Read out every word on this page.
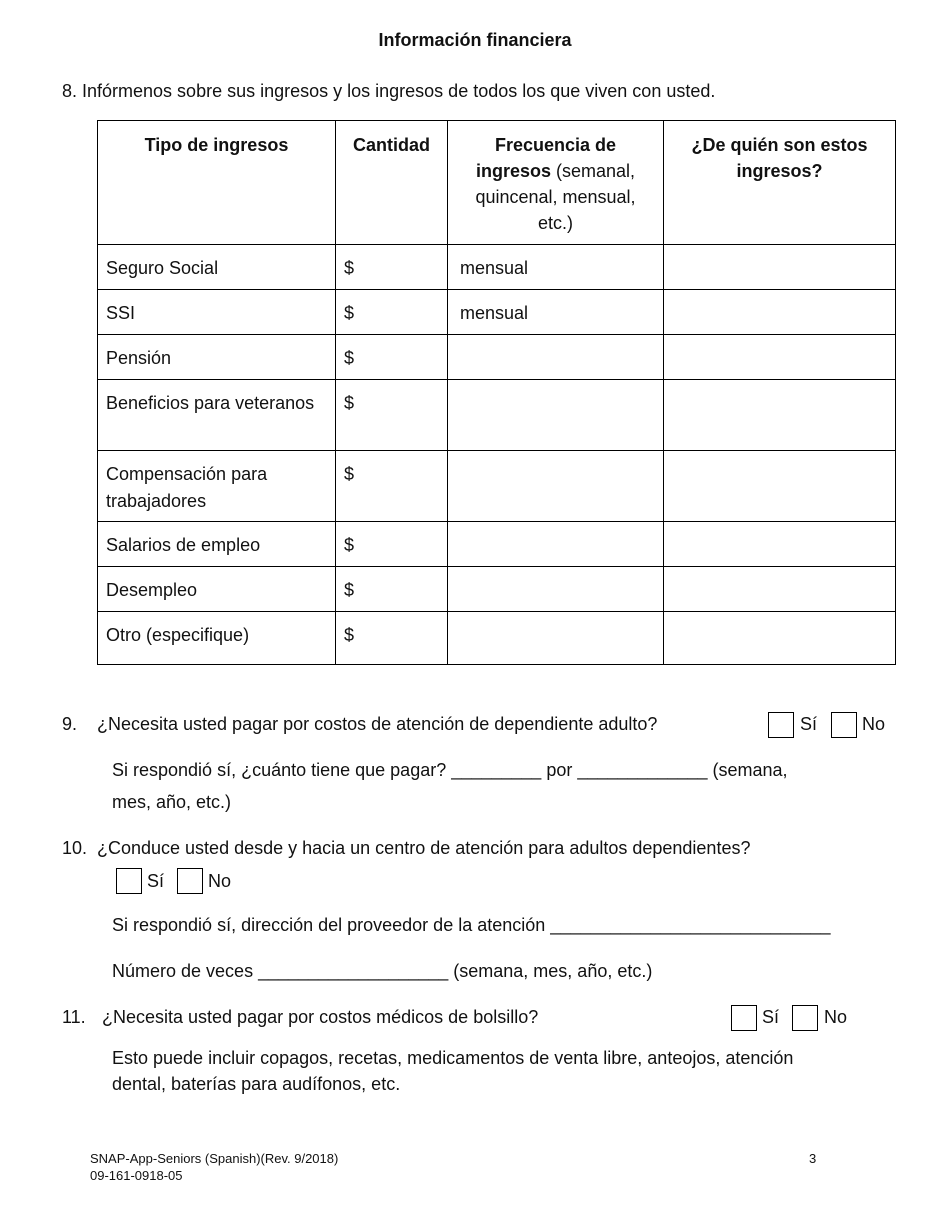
Información financiera
8. Infórmenos sobre sus ingresos y los ingresos de todos los que viven con usted.
Tipo de ingresos	Cantidad	Frecuencia de ingresos (semanal, quincenal, mensual, etc.)	¿De quién son estos ingresos?
Seguro Social	$	mensual	
SSI	$	mensual	
Pensión	$		
Beneficios para veteranos	$		
Compensación para trabajadores	$		
Salarios de empleo	$		
Desempleo	$		
Otro (especifique)	$		
9. ¿Necesita usted pagar por costos de atención de dependiente adulto?	Sí No
Si respondió sí, ¿cuánto tiene que pagar? _________ por _____________ (semana,
mes, año, etc.)
10. ¿Conduce usted desde y hacia un centro de atención para adultos dependientes?
Sí No
Si respondió sí, dirección del proveedor de la atención ____________________________
Número de veces ___________________ (semana, mes, año, etc.)
11. ¿Necesita usted pagar por costos médicos de bolsillo?	Sí No
Esto puede incluir copagos, recetas, medicamentos de venta libre, anteojos, atención
dental, baterías para audífonos, etc.
SNAP-App-Seniors (Spanish)(Rev. 9/2018)
09-161-0918-05
3
